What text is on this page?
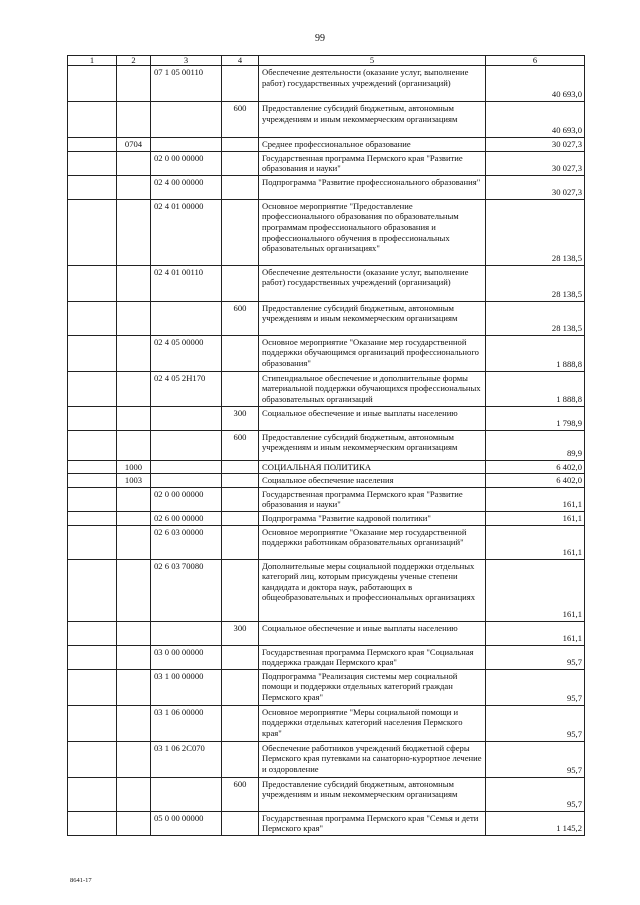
99
1	2	3	4	5	6
		07 1 05 00110		Обеспечение деятельности (оказание услуг, выполнение работ) государственных учреждений (организаций)	40 693,0
			600	Предоставление субсидий бюджетным, автономным учреждениям и иным некоммерческим организациям	40 693,0
	0704			Среднее профессиональное образование	30 027,3
		02 0 00 00000		Государственная программа Пермского края "Развитие образования и науки"	30 027,3
		02 4 00 00000		Подпрограмма "Развитие профессионального образования"	30 027,3
		02 4 01 00000		Основное мероприятие "Предоставление профессионального образования по образовательным программам профессионального образования и профессионального обучения в профессиональных образовательных организациях"	28 138,5
		02 4 01 00110		Обеспечение деятельности (оказание услуг, выполнение работ) государственных учреждений (организаций)	28 138,5
			600	Предоставление субсидий бюджетным, автономным учреждениям и иным некоммерческим организациям	28 138,5
		02 4 05 00000		Основное мероприятие "Оказание мер государственной поддержки обучающимся организаций профессионального образования"	1 888,8
		02 4 05 2Н170		Стипендиальное обеспечение и дополнительные формы материальной поддержки обучающихся профессиональных образовательных организаций	1 888,8
			300	Социальное обеспечение и иные выплаты населению	1 798,9
			600	Предоставление субсидий бюджетным, автономным учреждениям и иным некоммерческим организациям	89,9
	1000			СОЦИАЛЬНАЯ ПОЛИТИКА	6 402,0
	1003			Социальное обеспечение населения	6 402,0
		02 0 00 00000		Государственная программа Пермского края "Развитие образования и науки"	161,1
		02 6 00 00000		Подпрограмма "Развитие кадровой политики"	161,1
		02 6 03 00000		Основное мероприятие "Оказание мер государственной поддержки работникам образовательных организаций"	161,1
		02 6 03 70080		Дополнительные меры социальной поддержки отдельных категорий лиц, которым присуждены ученые степени кандидата и доктора наук, работающих в общеобразовательных и профессиональных организациях	161,1
			300	Социальное обеспечение и иные выплаты населению	161,1
		03 0 00 00000		Государственная программа Пермского края "Социальная поддержка граждан Пермского края"	95,7
		03 1 00 00000		Подпрограмма "Реализация системы мер социальной помощи и поддержки отдельных категорий граждан Пермского края"	95,7
		03 1 06 00000		Основное мероприятие "Меры социальной помощи и поддержки отдельных категорий населения Пермского края"	95,7
		03 1 06 2С070		Обеспечение работников учреждений бюджетной сферы Пермского края путевками на санаторно-курортное лечение и оздоровление	95,7
			600	Предоставление субсидий бюджетным, автономным учреждениям и иным некоммерческим организациям	95,7
		05 0 00 00000		Государственная программа Пермского края "Семья и дети Пермского края"	1 145,2
8641-17
